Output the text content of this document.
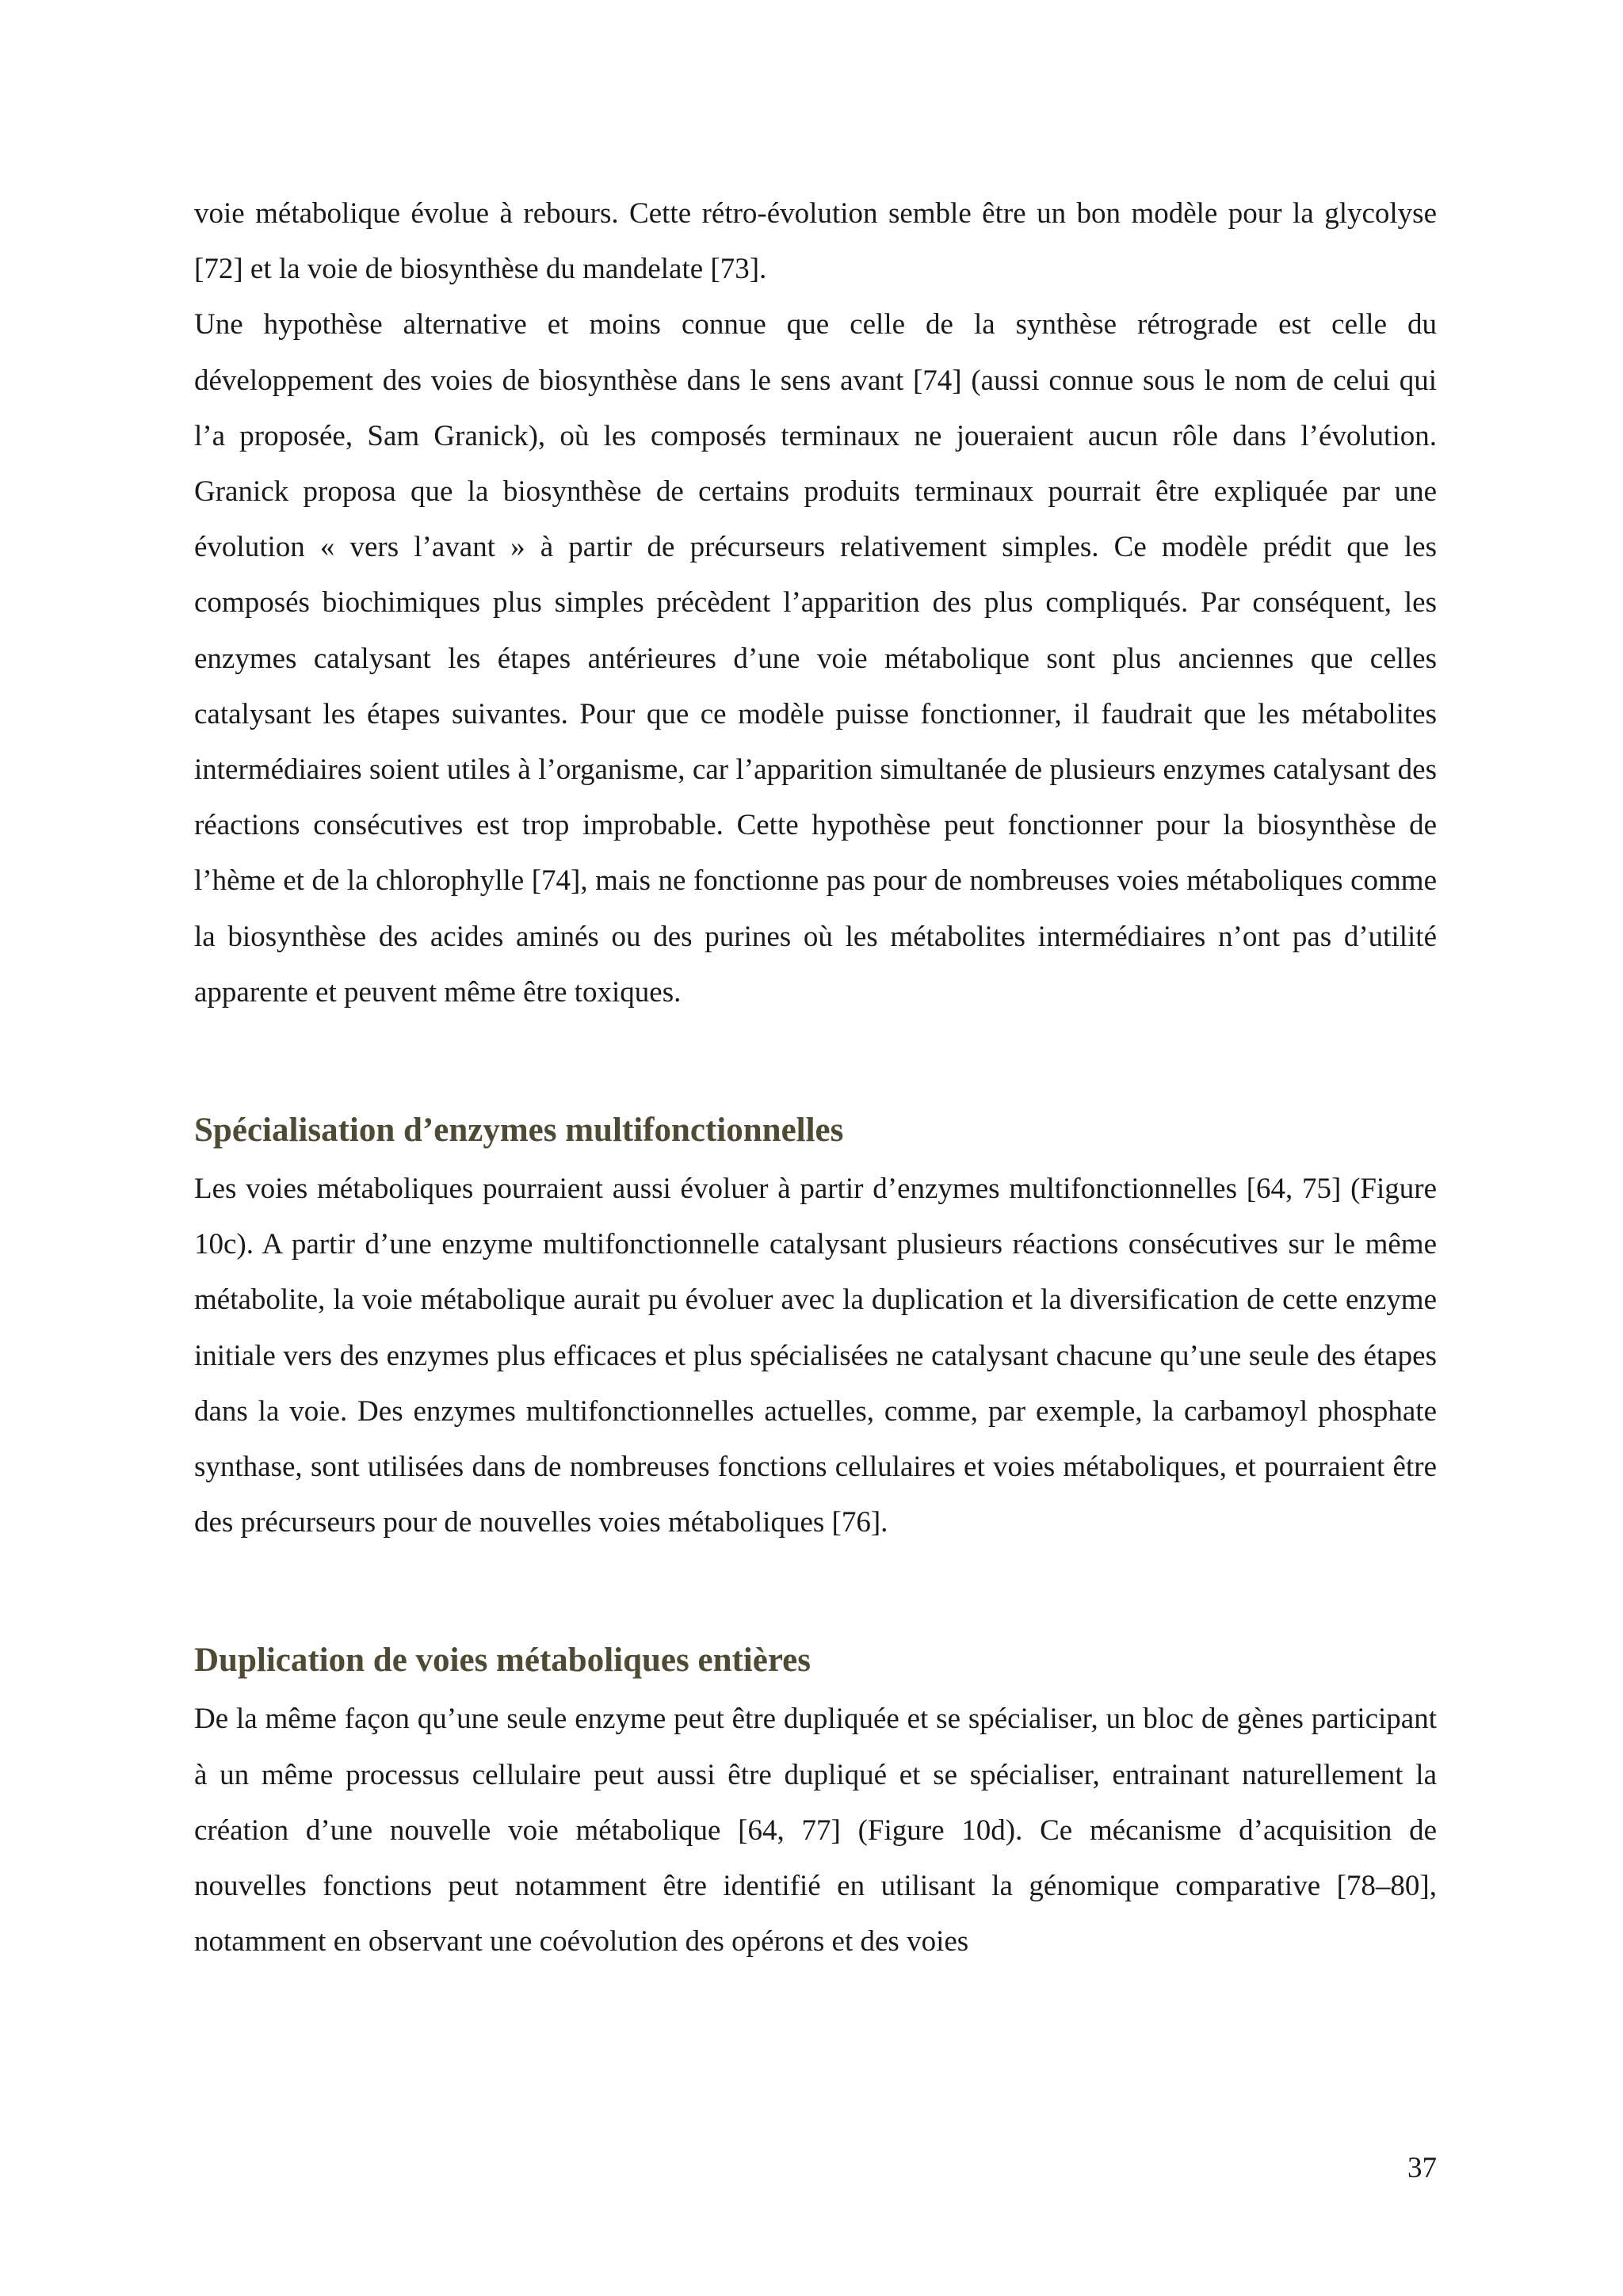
voie métabolique évolue à rebours. Cette rétro-évolution semble être un bon modèle pour la glycolyse [72] et la voie de biosynthèse du mandelate [73].

Une hypothèse alternative et moins connue que celle de la synthèse rétrograde est celle du développement des voies de biosynthèse dans le sens avant [74] (aussi connue sous le nom de celui qui l’a proposée, Sam Granick), où les composés terminaux ne joueraient aucun rôle dans l’évolution. Granick proposa que la biosynthèse de certains produits terminaux pourrait être expliquée par une évolution « vers l’avant » à partir de précurseurs relativement simples. Ce modèle prédit que les composés biochimiques plus simples précèdent l’apparition des plus compliqués. Par conséquent, les enzymes catalysant les étapes antérieures d’une voie métabolique sont plus anciennes que celles catalysant les étapes suivantes. Pour que ce modèle puisse fonctionner, il faudrait que les métabolites intermédiaires soient utiles à l’organisme, car l’apparition simultanée de plusieurs enzymes catalysant des réactions consécutives est trop improbable. Cette hypothèse peut fonctionner pour la biosynthèse de l’hème et de la chlorophylle [74], mais ne fonctionne pas pour de nombreuses voies métaboliques comme la biosynthèse des acides aminés ou des purines où les métabolites intermédiaires n’ont pas d’utilité apparente et peuvent même être toxiques.

Spécialisation d’enzymes multifonctionnelles

Les voies métaboliques pourraient aussi évoluer à partir d’enzymes multifonctionnelles [64, 75] (Figure 10c). A partir d’une enzyme multifonctionnelle catalysant plusieurs réactions consécutives sur le même métabolite, la voie métabolique aurait pu évoluer avec la duplication et la diversification de cette enzyme initiale vers des enzymes plus efficaces et plus spécialisées ne catalysant chacune qu’une seule des étapes dans la voie. Des enzymes multifonctionnelles actuelles, comme, par exemple, la carbamoyl phosphate synthase, sont utilisées dans de nombreuses fonctions cellulaires et voies métaboliques, et pourraient être des précurseurs pour de nouvelles voies métaboliques [76].

Duplication de voies métaboliques entières

De la même façon qu’une seule enzyme peut être dupliquée et se spécialiser, un bloc de gènes participant à un même processus cellulaire peut aussi être dupliqué et se spécialiser, entrainant naturellement la création d’une nouvelle voie métabolique [64, 77] (Figure 10d). Ce mécanisme d’acquisition de nouvelles fonctions peut notamment être identifié en utilisant la génomique comparative [78–80], notamment en observant une coévolution des opérons et des voies

37
